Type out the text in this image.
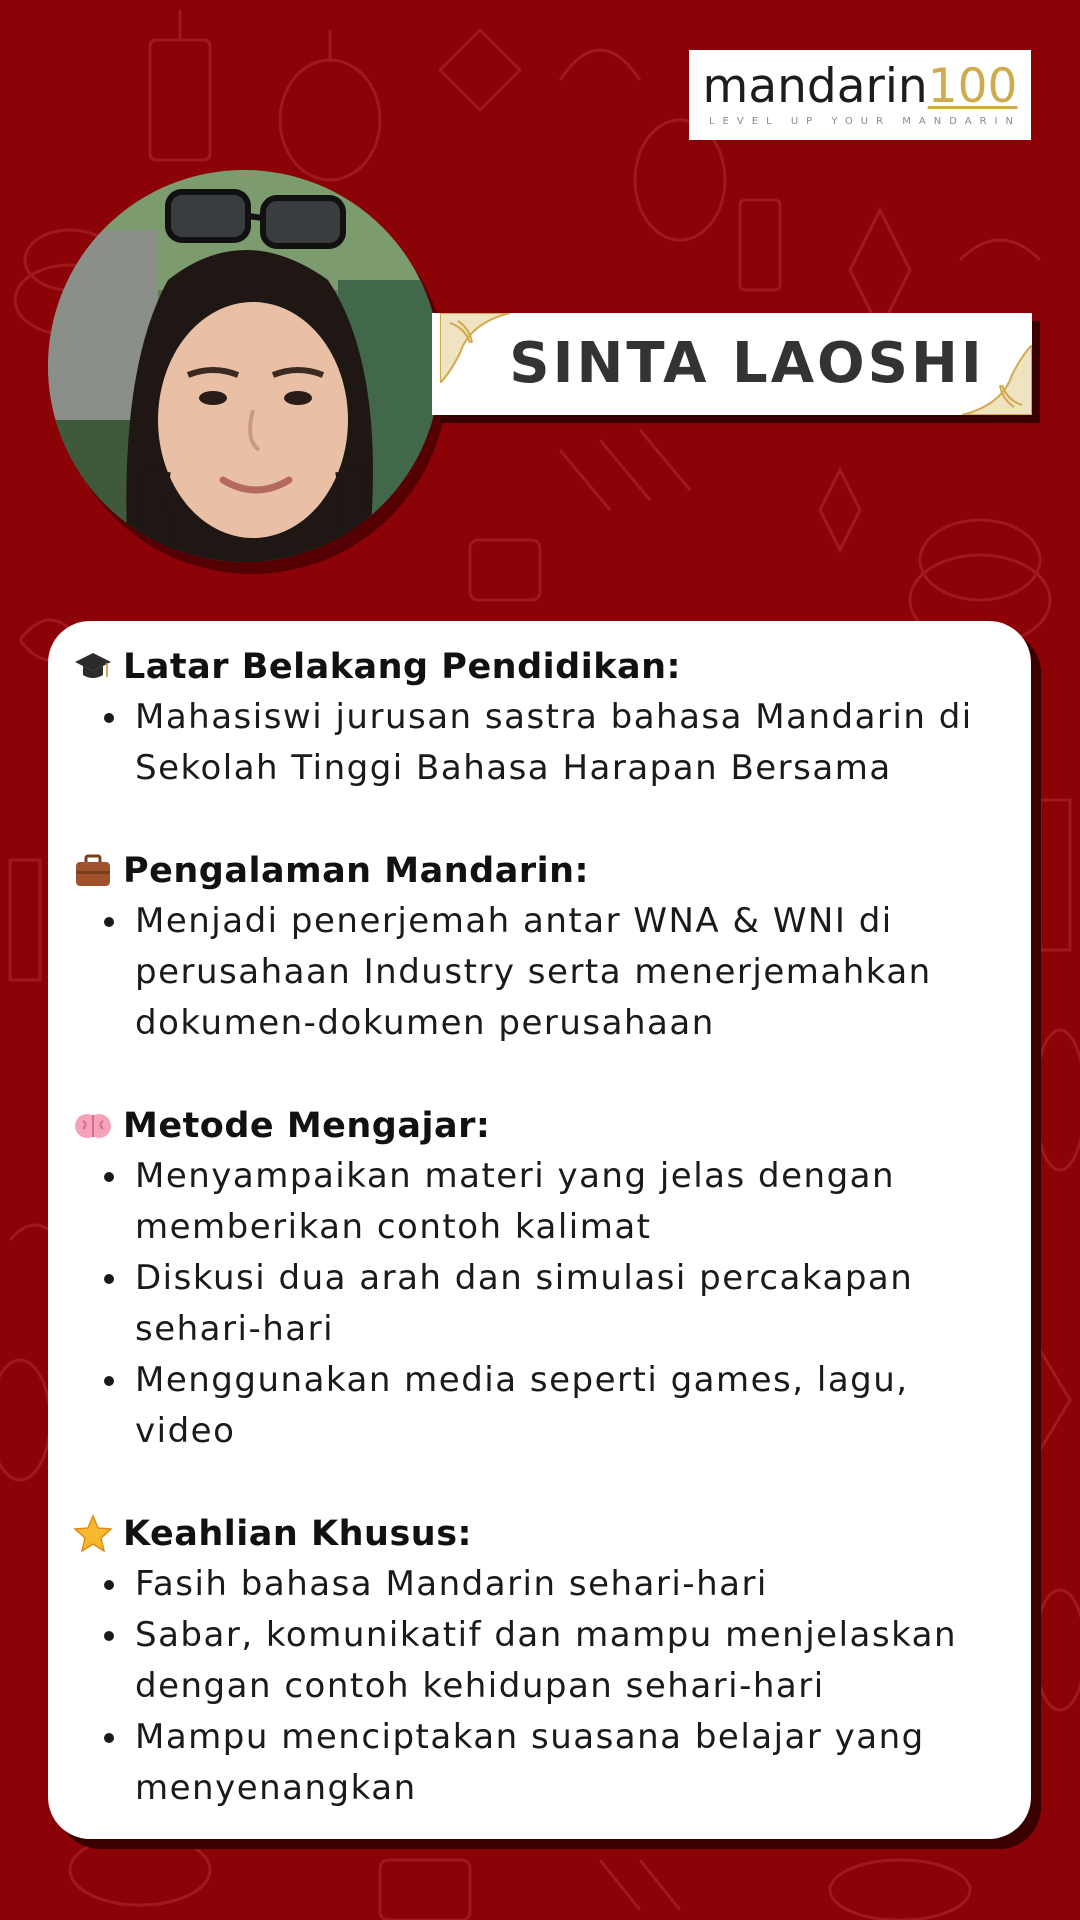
mandarin100
LEVEL UP YOUR MANDARIN
SINTA LAOSHI
Latar Belakang Pendidikan:
Mahasiswi jurusan sastra bahasa Mandarin di
Sekolah Tinggi Bahasa Harapan Bersama
Pengalaman Mandarin:
Menjadi penerjemah antar WNA & WNI di
perusahaan Industry serta menerjemahkan
dokumen-dokumen perusahaan
Metode Mengajar:
Menyampaikan materi yang jelas dengan
memberikan contoh kalimat
Diskusi dua arah dan simulasi percakapan
sehari-hari
Menggunakan media seperti games, lagu,
video
Keahlian Khusus:
Fasih bahasa Mandarin sehari-hari
Sabar, komunikatif dan mampu menjelaskan
dengan contoh kehidupan sehari-hari
Mampu menciptakan suasana belajar yang
menyenangkan
